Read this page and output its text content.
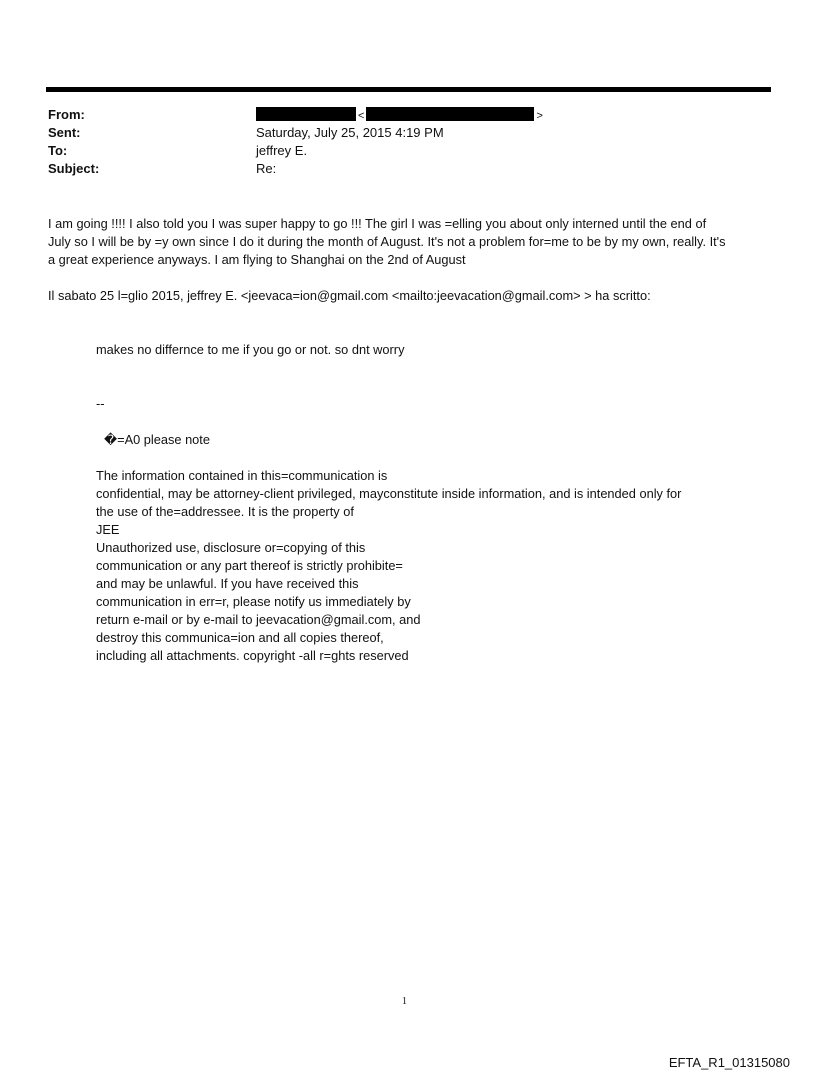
From:	<	>
Sent:	Saturday, July 25, 2015 4:19 PM
To:	jeffrey E.
Subject:	Re:

I am going !!!! I also told you I was super happy to go !!! The girl I was =elling you about only interned until the end of

July so I will be by =y own since I do it during the month of August. It's not a problem for=me to be by my own, really. It's

a great experience anyways. I am flying to Shanghai on the 2nd of August

Il sabato 25 l=glio 2015, jeffrey E. <jeevaca=ion@gmail.com <mailto:jeevacation@gmail.com> > ha scritto:

makes no differnce to me if you go or not. so dnt worry

--

�=A0 please note

The information contained in this=communication is

confidential, may be attorney-client privileged, mayconstitute inside information, and is intended only for

the use of the=addressee. It is the property of

JEE

Unauthorized use, disclosure or=copying of this

communication or any part thereof is strictly prohibite=

and may be unlawful. If you have received this

communication in err=r, please notify us immediately by

return e-mail or by e-mail to jeevacation@gmail.com, and

destroy this communica=ion and all copies thereof,

including all attachments. copyright -all r=ghts reserved

1
EFTA_R1_01315080
